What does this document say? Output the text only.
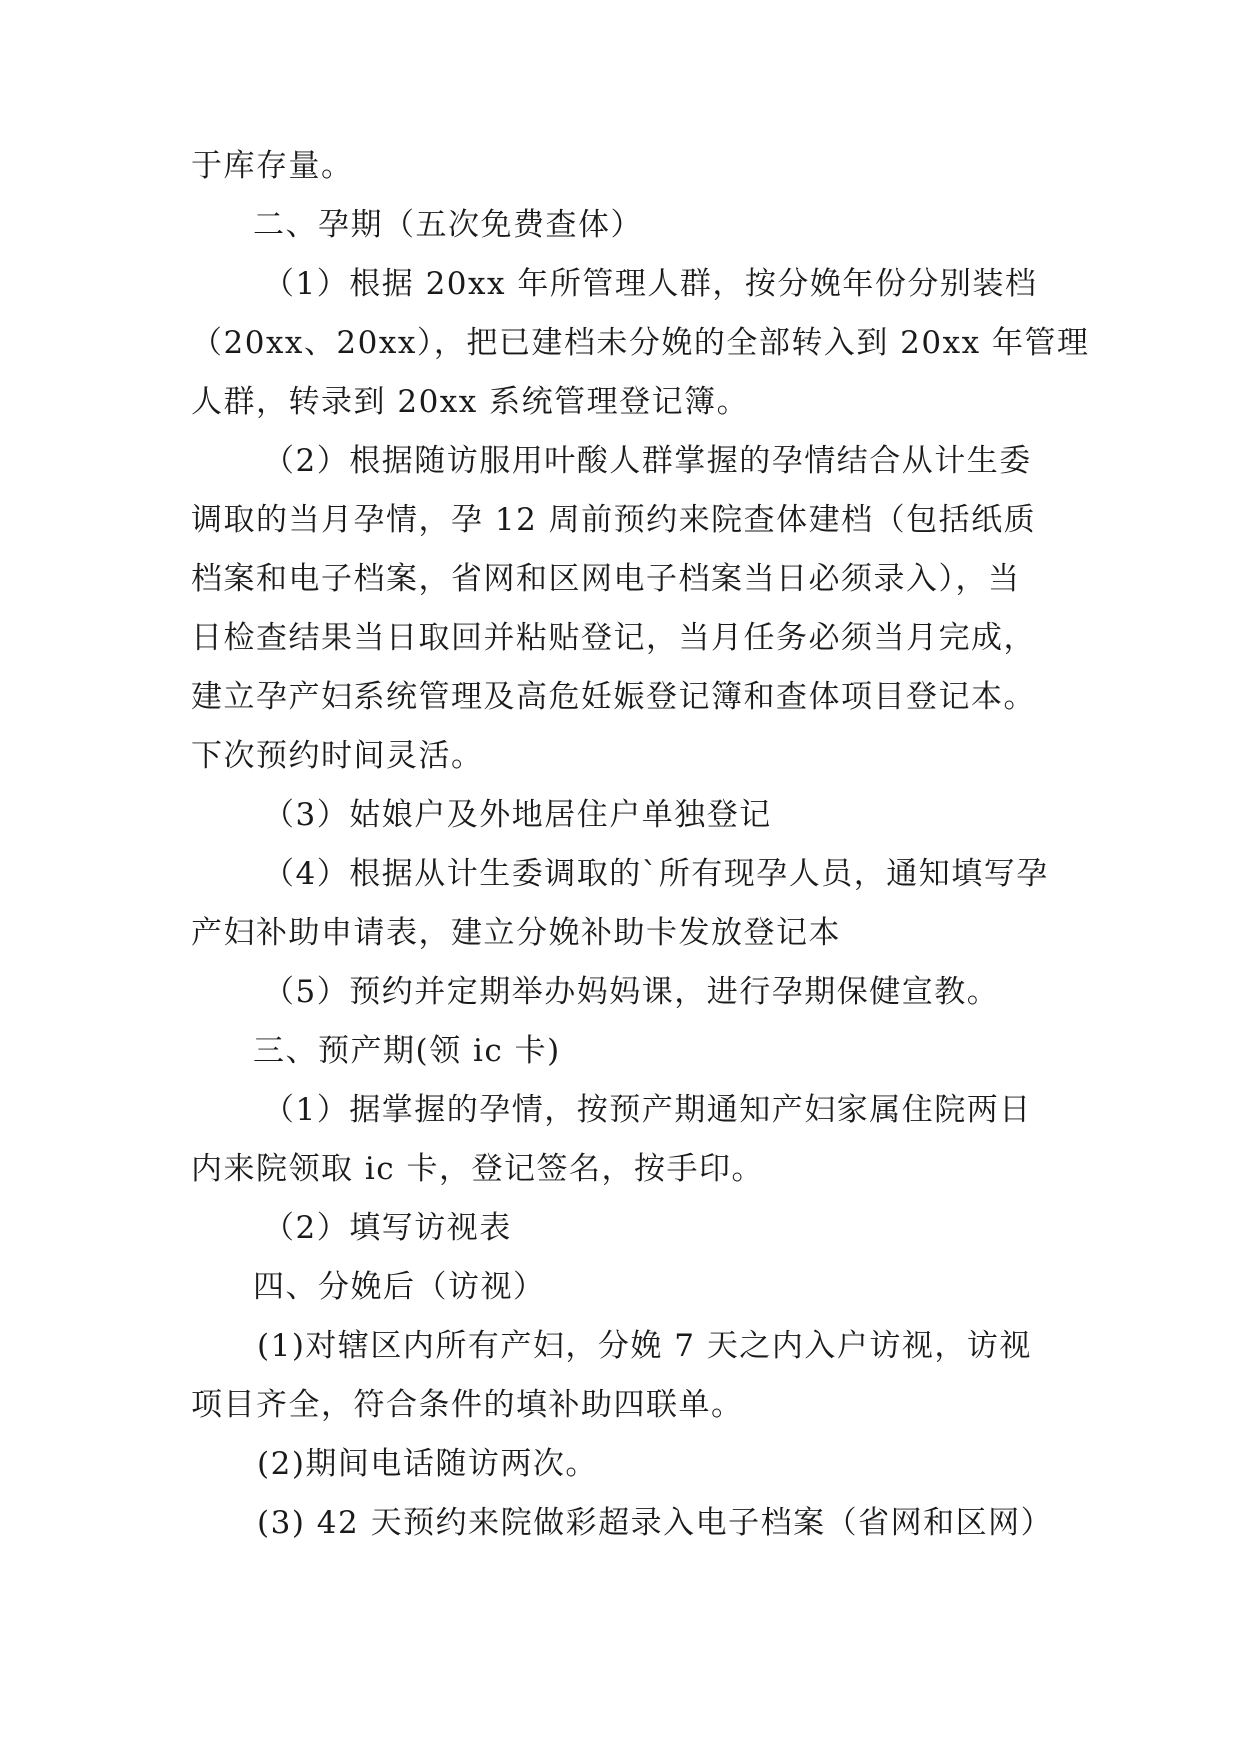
于库存量。
二、孕期（五次免费查体）
（1）根据 20xx 年所管理人群，按分娩年份分别装档
（20xx、20xx），把已建档未分娩的全部转入到 20xx 年管理
人群，转录到 20xx 系统管理登记簿。
（2）根据随访服用叶酸人群掌握的孕情结合从计生委
调取的当月孕情，孕 12 周前预约来院查体建档（包括纸质
档案和电子档案，省网和区网电子档案当日必须录入），当
日检查结果当日取回并粘贴登记，当月任务必须当月完成，
建立孕产妇系统管理及高危妊娠登记簿和查体项目登记本。
下次预约时间灵活。
（3）姑娘户及外地居住户单独登记
（4）根据从计生委调取的`所有现孕人员，通知填写孕
产妇补助申请表，建立分娩补助卡发放登记本
（5）预约并定期举办妈妈课，进行孕期保健宣教。
三、预产期(领 ic 卡)
（1）据掌握的孕情，按预产期通知产妇家属住院两日
内来院领取 ic 卡，登记签名，按手印。
（2）填写访视表
四、分娩后（访视）
(1)对辖区内所有产妇，分娩 7 天之内入户访视，访视
项目齐全，符合条件的填补助四联单。
(2)期间电话随访两次。
(3) 42 天预约来院做彩超录入电子档案（省网和区网）
